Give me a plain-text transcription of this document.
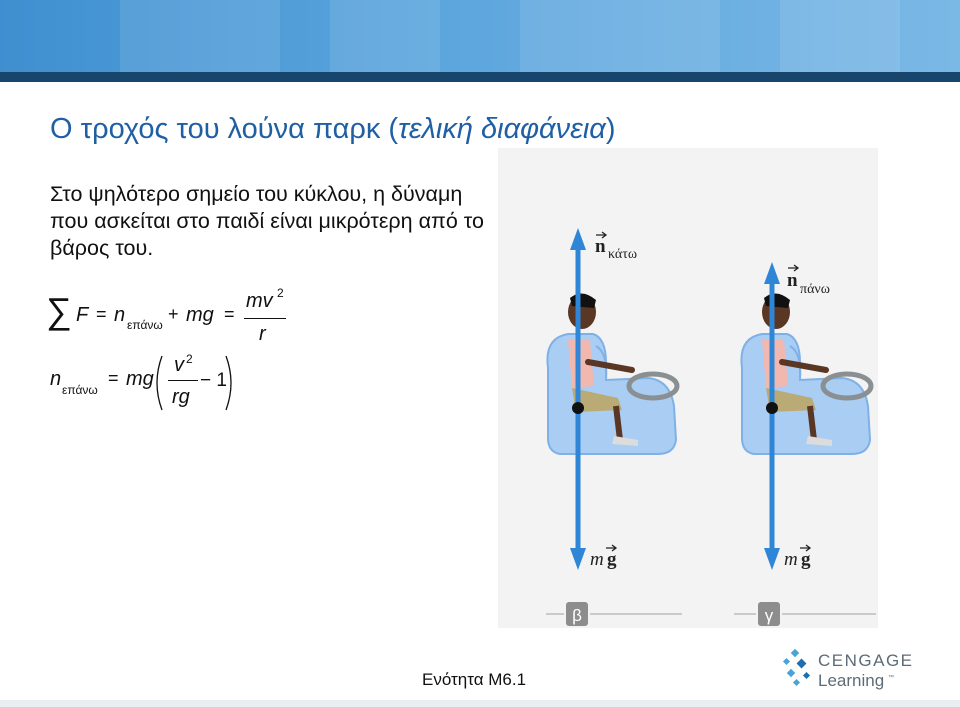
Ο τροχός του λούνα παρκ (τελική διαφάνεια)
Στο ψηλότερο σημείο του κύκλου, η δύναμη που ασκείται στο παιδί είναι μικρότερη από το βάρος του.
∑ F = n επάνω
+ mg =
mv 2
r
n επάνω
= mg
v 2
rg
− 1
n κάτω
n πάνω
m g	m g
β	γ
Ενότητα M6.1
CENGAGE
Learning ™
